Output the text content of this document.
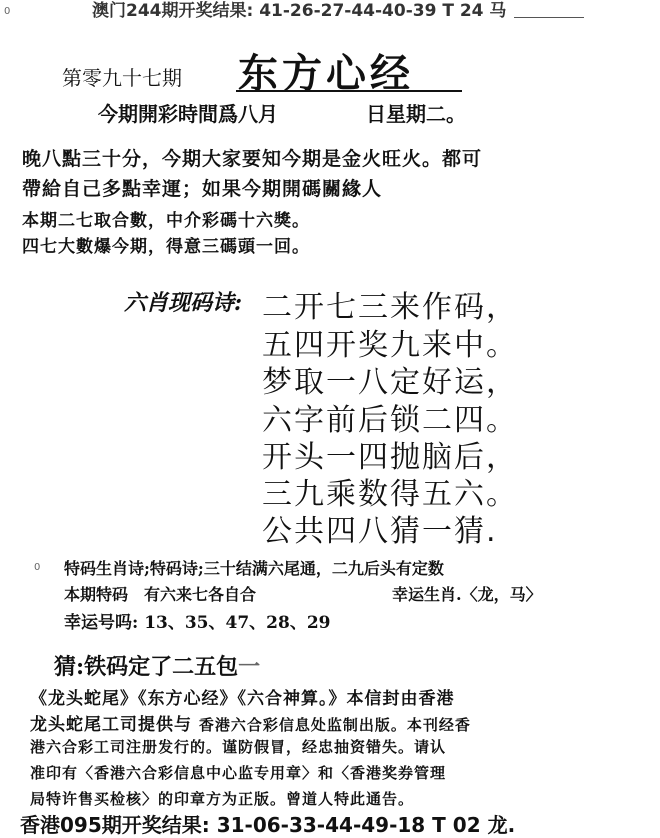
0	澳门244期开奖结果: 41-26-27-44-40-39 T 24 马
第零九十七期 东方心经
今期開彩時間爲八月	日星期二。
晚八點三十分，今期大家要知今期是金火旺火。都可
帶給自己多點幸運；如果今期開碼關緣人
本期二七取合數，中介彩碼十六獎。
四七大數爆今期，得意三碼頭一回。
六肖现码诗: 二开七三来作码，
五四开奖九来中。
梦取一八定好运，
六字前后锁二四。
开头一四抛脑后，
三九乘数得五六。
公共四八猜一猜.
0 特码生肖诗;特码诗;三十结满六尾通，二九后头有定数
本期特码　有六来七各自合	幸运生肖.〈龙，马〉
幸运号吗: 13、35、47、28、29
猜:铁码定了二五包一
《龙头蛇尾》《东方心经》《六合神算。》本信封由香港
龙头蛇尾工司提供与 香港六合彩信息处监制出版。本刊经香
港六合彩工司注册发行的。谨防假冒，经忠抽资错失。请认
准印有〈香港六合彩信息中心监专用章〉和〈香港奖券管理
局特许售买检核〉的印章方为正版。曾道人特此通告。
香港095期开奖结果: 31-06-33-44-49-18 T 02 龙.
